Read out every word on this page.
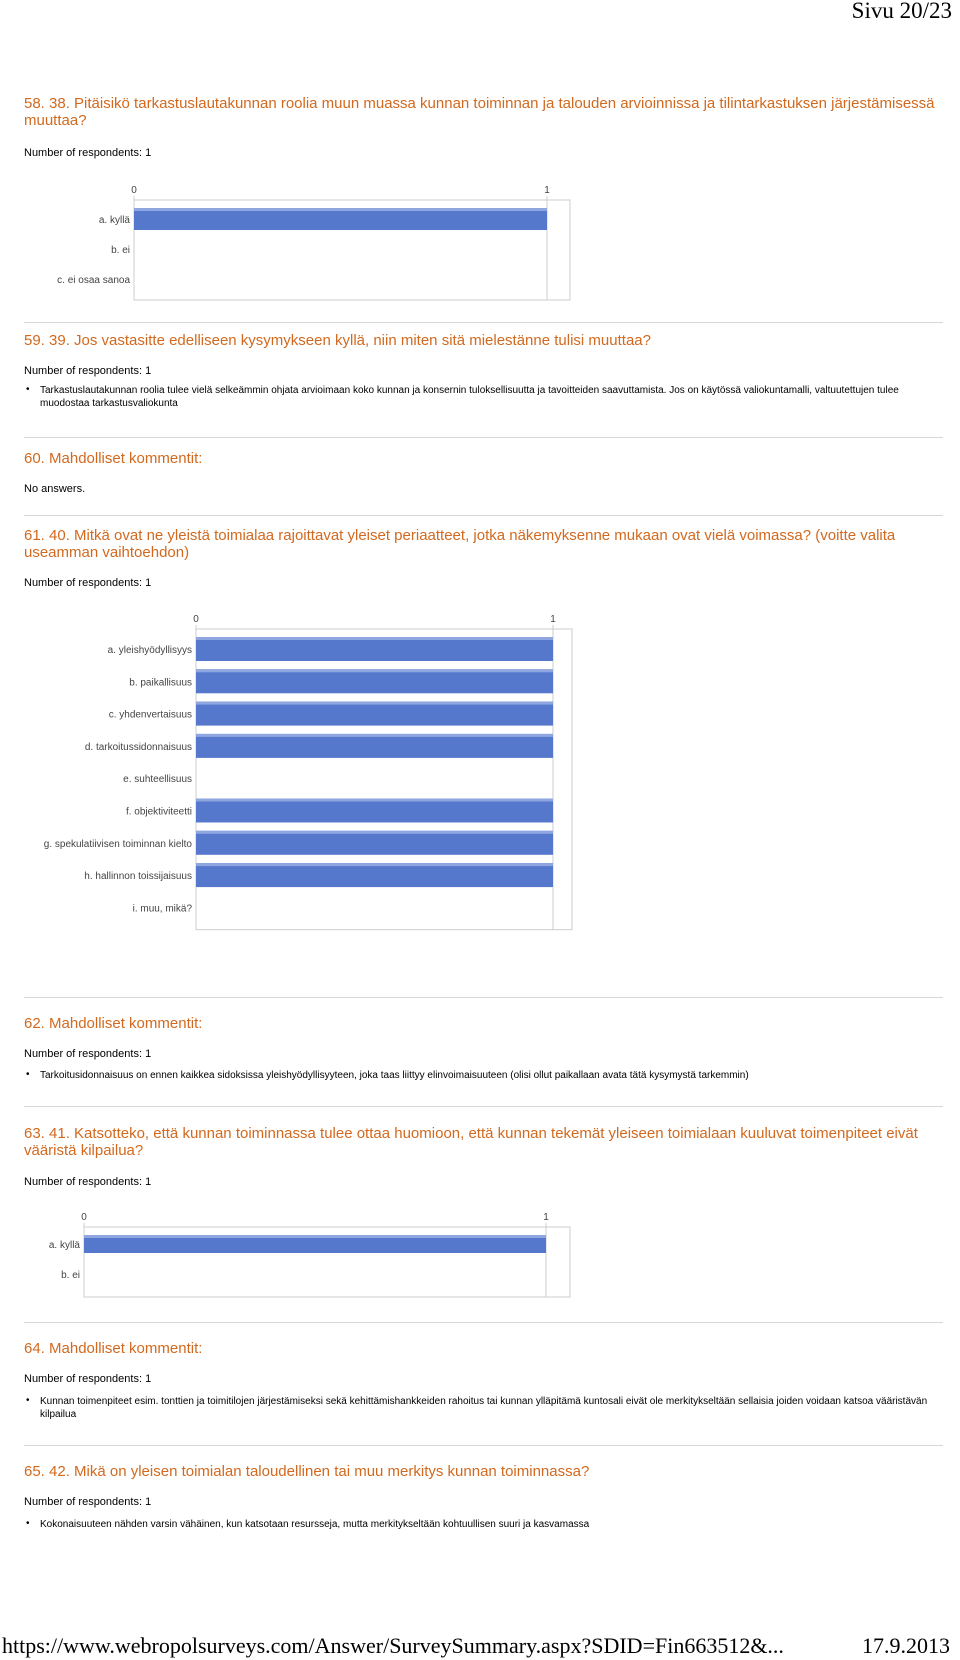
Sivu 20/23
58. 38. Pitäisikö tarkastuslautakunnan roolia muun muassa kunnan toiminnan ja talouden arvioinnissa ja tilintarkastuksen järjestämisessä muuttaa?
Number of respondents: 1
0	1
a. kyllä
b. ei
c. ei osaa sanoa
59. 39. Jos vastasitte edelliseen kysymykseen kyllä, niin miten sitä mielestänne tulisi muuttaa?
Number of respondents: 1
•	Tarkastuslautakunnan roolia tulee vielä selkeämmin ohjata arvioimaan koko kunnan ja konsernin tuloksellisuutta ja tavoitteiden saavuttamista. Jos on käytössä valiokuntamalli, valtuutettujen tulee muodostaa tarkastusvaliokunta
60. Mahdolliset kommentit:
No answers.
61. 40. Mitkä ovat ne yleistä toimialaa rajoittavat yleiset periaatteet, jotka näkemyksenne mukaan ovat vielä voimassa? (voitte valita useamman vaihtoehdon)
Number of respondents: 1
0	1
a. yleishyödyllisyys
b. paikallisuus
c. yhdenvertaisuus
d. tarkoitussidonnaisuus
e. suhteellisuus
f. objektiviteetti
g. spekulatiivisen toiminnan kielto
h. hallinnon toissijaisuus
i. muu, mikä?
62. Mahdolliset kommentit:
Number of respondents: 1
•	Tarkoitusidonnaisuus on ennen kaikkea sidoksissa yleishyödyllisyyteen, joka taas liittyy elinvoimaisuuteen (olisi ollut paikallaan avata tätä kysymystä tarkemmin)
63. 41. Katsotteko, että kunnan toiminnassa tulee ottaa huomioon, että kunnan tekemät yleiseen toimialaan kuuluvat toimenpiteet eivät vääristä kilpailua?
Number of respondents: 1
0	1
a. kyllä
b. ei
64. Mahdolliset kommentit:
Number of respondents: 1
•	Kunnan toimenpiteet esim. tonttien ja toimitilojen järjestämiseksi sekä kehittämishankkeiden rahoitus tai kunnan ylläpitämä kuntosali eivät ole merkitykseltään sellaisia joiden voidaan katsoa vääristävän kilpailua
65. 42. Mikä on yleisen toimialan taloudellinen tai muu merkitys kunnan toiminnassa?
Number of respondents: 1
•	Kokonaisuuteen nähden varsin vähäinen, kun katsotaan resursseja, mutta merkitykseltään kohtuullisen suuri ja kasvamassa
https://www.webropolsurveys.com/Answer/SurveySummary.aspx?SDID=Fin663512&...	17.9.2013
